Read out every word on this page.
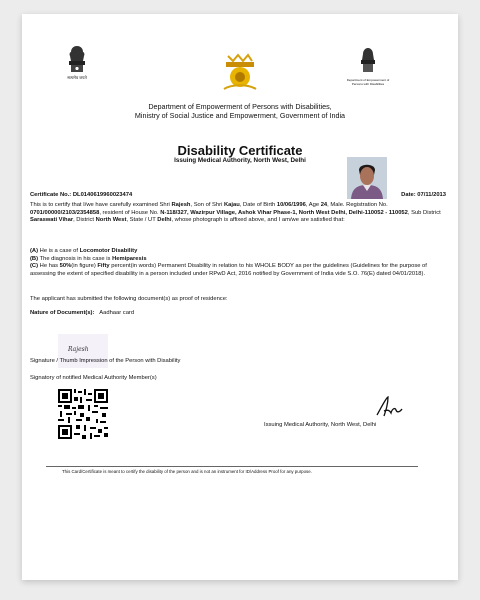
सत्यमेव जयते	Department of Empowerment of Persons with Disabilities
Department of Empowerment of Persons with Disabilities,
Ministry of Social Justice and Empowerment, Government of India
Disability Certificate
Issuing Medical Authority, North West, Delhi
Certificate No.: DL0140619960023474	Date: 07/11/2013
This is to certify that I/we have carefully examined Shri Rajesh, Son of Shri Kajau, Date of Birth 10/06/1996, Age 24, Male. Registration No. 0701/00000/2103/2354858, resident of House No. N-118/327, Wazirpur Village, Ashok Vihar Phase-1, North West Delhi, Delhi-110052 - 110052, Sub District Saraswati Vihar, District North West, State / UT Delhi, whose photograph is affixed above, and I am/we are satisfied that:
(A) He is a case of Locomotor Disability
(B) The diagnosis in his case is Hemiparesis
(C) He has 50%(in figure) Fifty percent(in words) Permanent Disability in relation to his WHOLE BODY as per the guidelines (Guidelines for the purpose of assessing the extent of specified disability in a person included under RPwD Act, 2016 notified by Government of India vide S.O. 76(E) dated 04/01/2018).
The applicant has submitted the following document(s) as proof of residence:
Nature of Document(s): Aadhaar card
Rajesh
Signature / Thumb Impression of the Person with Disability
Signatory of notified Medical Authority Member(s)
Issuing Medical Authority, North West, Delhi
This Card/Certificate is meant to certify the disability of the person and is not an instrument for ID/Address Proof for any purpose.
